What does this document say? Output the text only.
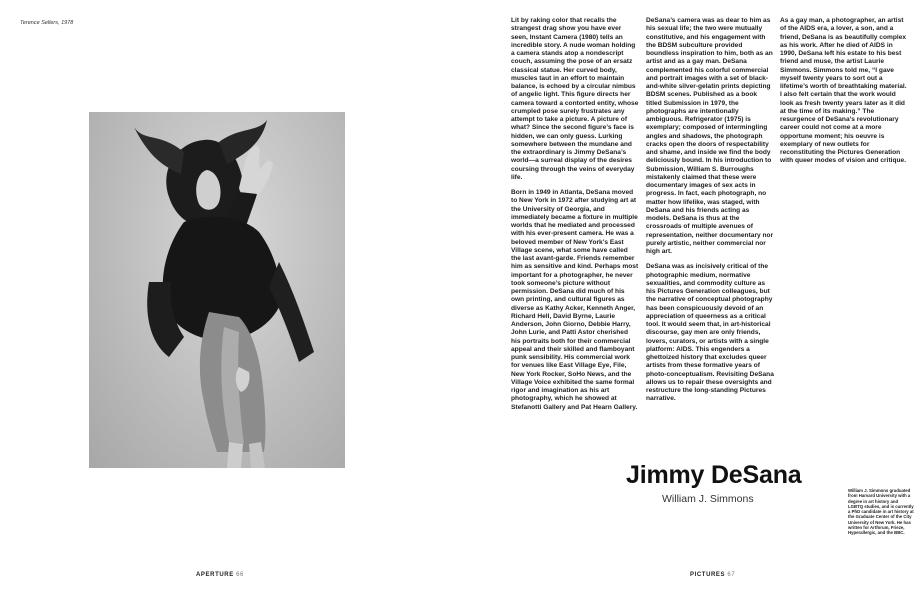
Terence Sellers, 1978	Lit by raking color that recalls the strangest drag show you have ever seen, Instant Camera (1980) tells an incredible story. A nude woman holding a camera stands atop a nondescript couch, assuming the pose of an ersatz classical statue. Her curved body, muscles taut in an effort to maintain balance, is echoed by a circular nimbus of angelic light. This figure directs her camera toward a contorted entity, whose crumpled pose surely frustrates any attempt to take a picture. A picture of what? Since the second figure’s face is hidden, we can only guess. Lurking somewhere between the mundane and the extraordinary is Jimmy DeSana’s world—a surreal display of the desires coursing through the veins of everyday life.

Born in 1949 in Atlanta, DeSana moved to New York in 1972 after studying art at the University of Georgia, and immediately became a fixture in multiple worlds that he mediated and processed with his ever-present camera. He was a beloved member of New York’s East Village scene, what some have called the last avant-garde. Friends remember him as sensitive and kind. Perhaps most important for a photographer, he never took someone’s picture without permission. DeSana did much of his own printing, and cultural figures as diverse as Kathy Acker, Kenneth Anger, Richard Hell, David Byrne, Laurie Anderson, John Giorno, Debbie Harry, John Lurie, and Patti Astor cherished his portraits both for their commercial appeal and their skilled and flamboyant punk sensibility. His commercial work for venues like East Village Eye, File, New York Rocker, SoHo News, and the Village Voice exhibited the same formal rigor and imagination as his art photography, which he showed at Stefanotti Gallery and Pat Hearn Gallery.

DeSana’s camera was as dear to him as his sexual life; the two were mutually constitutive, and his engagement with the BDSM subculture provided boundless inspiration to him, both as an artist and as a gay man. DeSana complemented his colorful commercial and portrait images with a set of black-and-white silver-gelatin prints depicting BDSM scenes. Published as a book titled Submission in 1979, the photographs are intentionally ambiguous. Refrigerator (1975) is exemplary; composed of intermingling angles and shadows, the photograph cracks open the doors of respectability and shame, and inside we find the body deliciously bound. In his introduction to Submission, William S. Burroughs mistakenly claimed that these were documentary images of sex acts in progress. In fact, each photograph, no matter how lifelike, was staged, with DeSana and his friends acting as models. DeSana is thus at the crossroads of multiple avenues of representation, neither documentary nor purely artistic, neither commercial nor high art.

DeSana was as incisively critical of the photographic medium, normative sexualities, and commodity culture as his Pictures Generation colleagues, but the narrative of conceptual photography has been conspicuously devoid of an appreciation of queerness as a critical tool. It would seem that, in art-historical discourse, gay men are only friends, lovers, curators, or artists with a single platform: AIDS. This engenders a ghettoized history that excludes queer artists from these formative years of photo-conceptualism. Revisiting DeSana allows us to repair these oversights and restructure the long-standing Pictures narrative.

As a gay man, a photographer, an artist of the AIDS era, a lover, a son, and a friend, DeSana is as beautifully complex as his work. After he died of AIDS in 1990, DeSana left his estate to his best friend and muse, the artist Laurie Simmons. Simmons told me, “I gave myself twenty years to sort out a lifetime’s worth of breathtaking material. I also felt certain that the work would look as fresh twenty years later as it did at the time of its making.” The resurgence of DeSana’s revolutionary career could not come at a more opportune moment; his oeuvre is exemplary of new outlets for reconstituting the Pictures Generation with queer modes of vision and critique.

Jimmy DeSana
William J. Simmons
William J. Simmons graduated from Harvard University with a degree in art history and LGBTQ studies, and is currently a PhD candidate in art history at the Graduate Center of the City University of New York. He has written for Artforum, Frieze, Hyperallergic, and the BBC.
APERTURE 66	PICTURES 67
